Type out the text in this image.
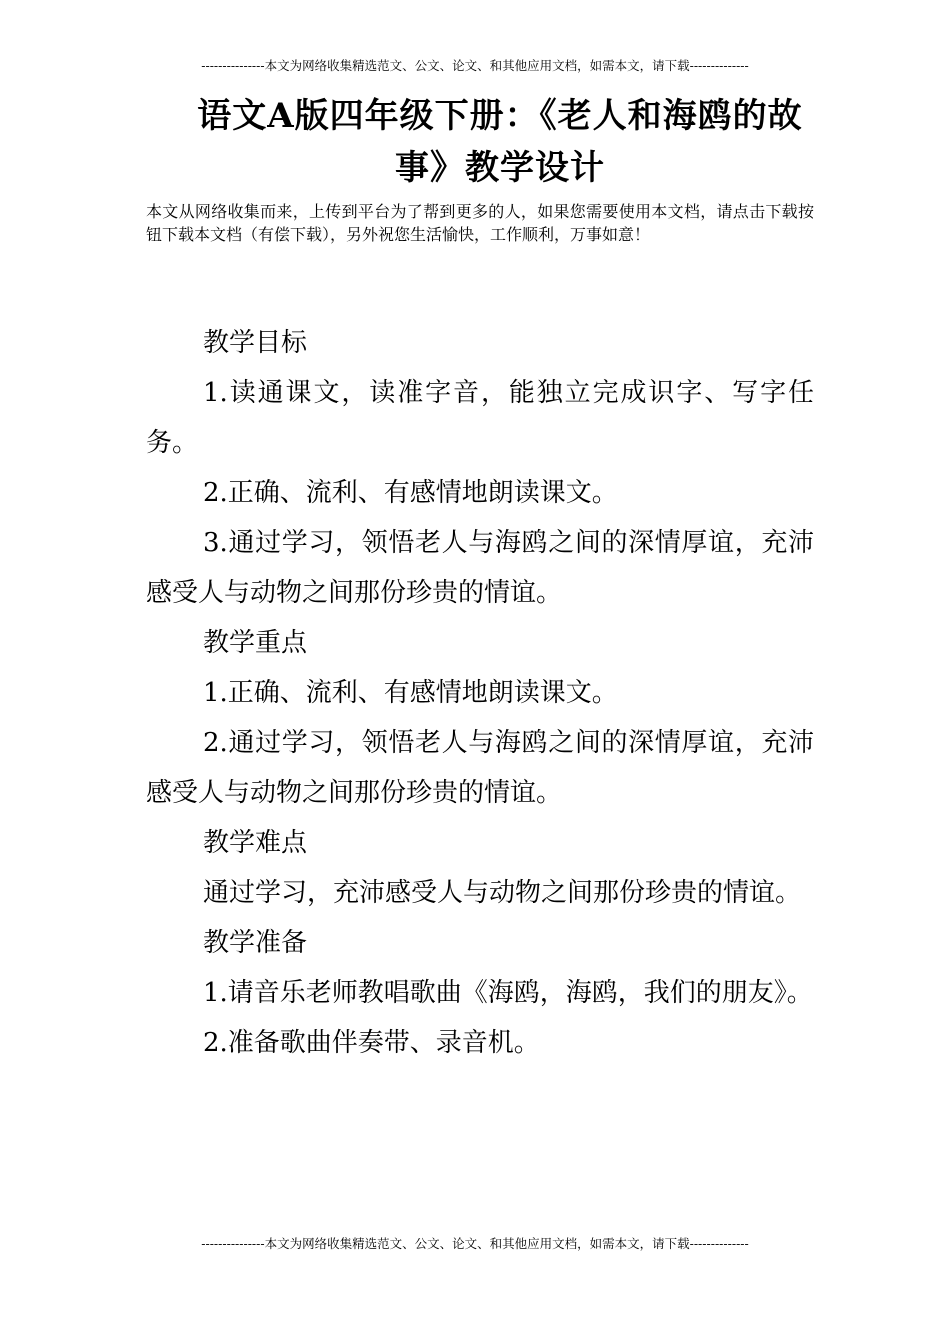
---------------本文为网络收集精选范文、公文、论文、和其他应用文档，如需本文，请下载--------------
语文A版四年级下册：《老人和海鸥的故
事》教学设计
本文从网络收集而来，上传到平台为了帮到更多的人，如果您需要使用本文档，请点击下载按钮下载本文档（有偿下载），另外祝您生活愉快，工作顺利，万事如意！

教学目标

1.读通课文，读准字音，能独立完成识字、写字任务。

2.正确、流利、有感情地朗读课文。

3.通过学习，领悟老人与海鸥之间的深情厚谊，充沛感受人与动物之间那份珍贵的情谊。

教学重点

1.正确、流利、有感情地朗读课文。

2.通过学习，领悟老人与海鸥之间的深情厚谊，充沛感受人与动物之间那份珍贵的情谊。

教学难点

通过学习，充沛感受人与动物之间那份珍贵的情谊。

教学准备

1.请音乐老师教唱歌曲《海鸥，海鸥，我们的朋友》。

2.准备歌曲伴奏带、录音机。

---------------本文为网络收集精选范文、公文、论文、和其他应用文档，如需本文，请下载--------------
